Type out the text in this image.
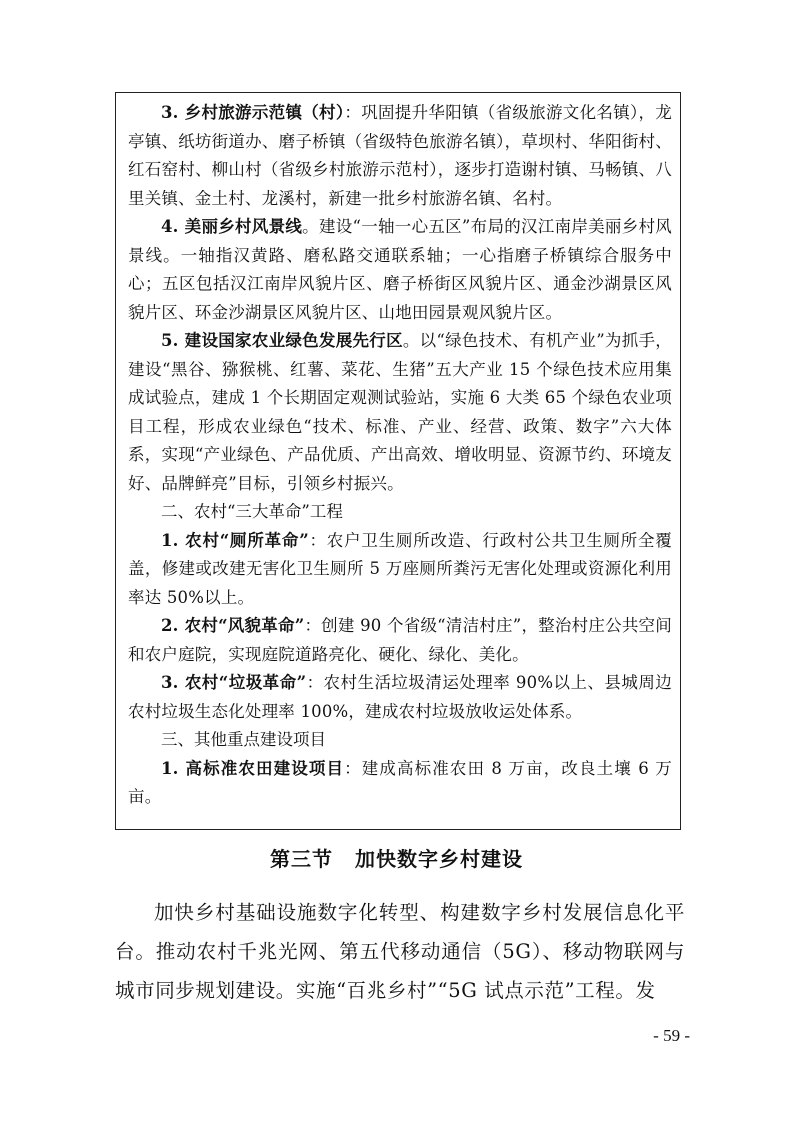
3. 乡村旅游示范镇（村）：巩固提升华阳镇（省级旅游文化名镇），龙亭镇、纸坊街道办、磨子桥镇（省级特色旅游名镇），草坝村、华阳街村、红石窑村、柳山村（省级乡村旅游示范村），逐步打造谢村镇、马畅镇、八里关镇、金土村、龙溪村，新建一批乡村旅游名镇、名村。

4. 美丽乡村风景线。建设“一轴一心五区”布局的汉江南岸美丽乡村风景线。一轴指汉黄路、磨私路交通联系轴；一心指磨子桥镇综合服务中心；五区包括汉江南岸风貌片区、磨子桥街区风貌片区、通金沙湖景区风貌片区、环金沙湖景区风貌片区、山地田园景观风貌片区。

5. 建设国家农业绿色发展先行区。以“绿色技术、有机产业”为抓手，建设“黑谷、猕猴桃、红薯、菜花、生猪”五大产业 15 个绿色技术应用集成试验点，建成 1 个长期固定观测试验站，实施 6 大类 65 个绿色农业项目工程，形成农业绿色“技术、标准、产业、经营、政策、数字”六大体系，实现“产业绿色、产品优质、产出高效、增收明显、资源节约、环境友好、品牌鲜亮”目标，引领乡村振兴。

二、农村“三大革命”工程

1. 农村“厕所革命”：农户卫生厕所改造、行政村公共卫生厕所全覆盖，修建或改建无害化卫生厕所 5 万座厕所粪污无害化处理或资源化利用率达 50%以上。

2. 农村“风貌革命”：创建 90 个省级“清洁村庄”，整治村庄公共空间和农户庭院，实现庭院道路亮化、硬化、绿化、美化。

3. 农村“垃圾革命”：农村生活垃圾清运处理率 90%以上、县城周边农村垃圾生态化处理率 100%，建成农村垃圾放收运处体系。

三、其他重点建设项目

1. 高标准农田建设项目：建成高标准农田 8 万亩，改良土壤 6 万亩。

第三节 加快数字乡村建设

加快乡村基础设施数字化转型、构建数字乡村发展信息化平台。推动农村千兆光网、第五代移动通信（5G）、移动物联网与城市同步规划建设。实施“百兆乡村”“5G 试点示范”工程。发

- 59 -
